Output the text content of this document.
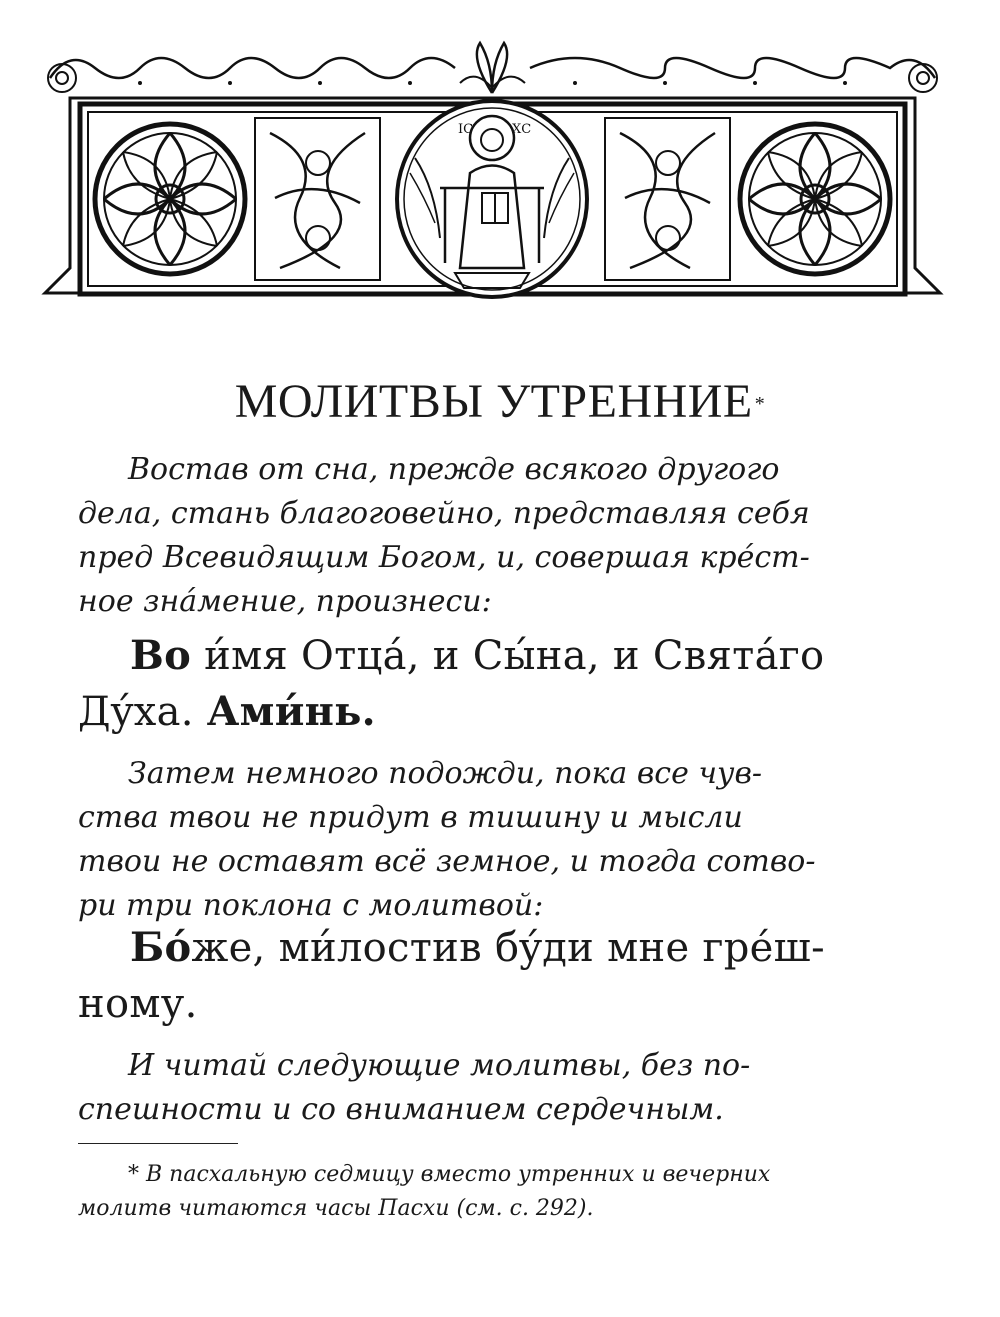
IС	ХС
МОЛИТВЫ УТРЕННИЕ *

Востав от сна, прежде всякого другого
дела, стань благоговейно, представляя себя
пред Всевидящим Богом, и, совершая крéст-
ное знáмение, произнеси:

Во и́мя Отцá, и Сы́на, и Святáго
Дýха. Ами́нь.

Затем немного подожди, пока все чув-
ства твои не придут в тишину и мысли
твои не оставят всё земное, и тогда сотво-
ри три поклона с молитвой:

Бóже, ми́лостив бýди мне грéш-
ному.

И читай следующие молитвы, без по-
спешности и со вниманием сердечным.

* В пасхальную седмицу вместо утренних и вечерних
молитв читаются часы Пасхи (см. с. 292).
